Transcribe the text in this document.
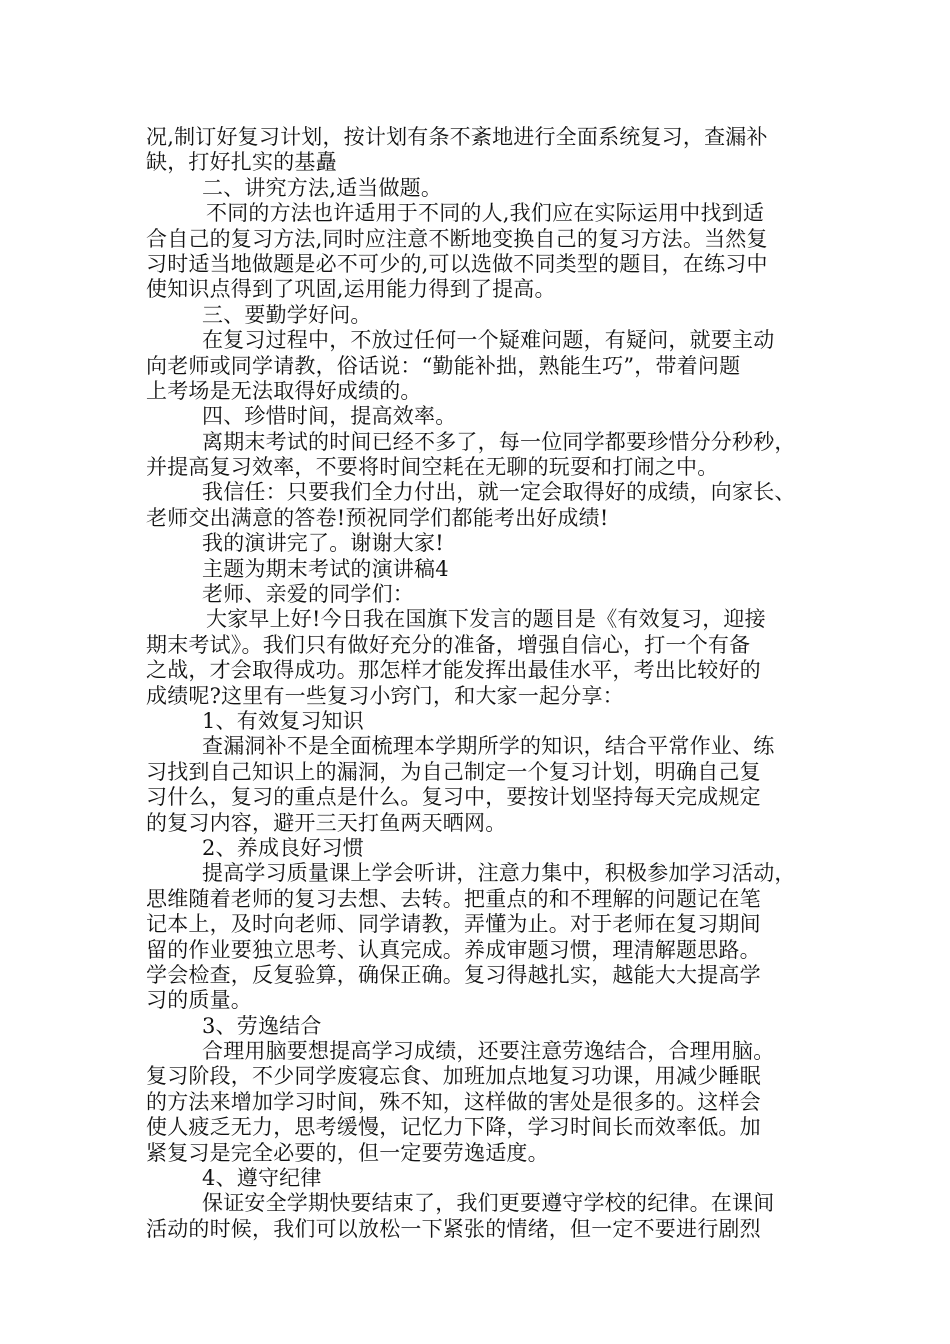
况,制订好复习计划，按计划有条不紊地进行全面系统复习，查漏补
缺，打好扎实的基矗
二、讲究方法,适当做题。
不同的方法也许适用于不同的人,我们应在实际运用中找到适
合自己的复习方法,同时应注意不断地变换自己的复习方法。当然复
习时适当地做题是必不可少的,可以选做不同类型的题目，在练习中
使知识点得到了巩固,运用能力得到了提高。
三、要勤学好问。
在复习过程中，不放过任何一个疑难问题，有疑问，就要主动
向老师或同学请教，俗话说：“勤能补拙，熟能生巧”，带着问题
上考场是无法取得好成绩的。
四、珍惜时间，提高效率。
离期末考试的时间已经不多了，每一位同学都要珍惜分分秒秒，
并提高复习效率，不要将时间空耗在无聊的玩耍和打闹之中。
我信任：只要我们全力付出，就一定会取得好的成绩，向家长、
老师交出满意的答卷!预祝同学们都能考出好成绩!
我的演讲完了。谢谢大家!
主题为期末考试的演讲稿4
老师、亲爱的同学们：
大家早上好!今日我在国旗下发言的题目是《有效复习，迎接
期末考试》。我们只有做好充分的准备，增强自信心，打一个有备
之战，才会取得成功。那怎样才能发挥出最佳水平，考出比较好的
成绩呢?这里有一些复习小窍门，和大家一起分享：
1、有效复习知识
查漏洞补不是全面梳理本学期所学的知识，结合平常作业、练
习找到自己知识上的漏洞，为自己制定一个复习计划，明确自己复
习什么，复习的重点是什么。复习中，要按计划坚持每天完成规定
的复习内容，避开三天打鱼两天晒网。
2、养成良好习惯
提高学习质量课上学会听讲，注意力集中，积极参加学习活动，
思维随着老师的复习去想、去转。把重点的和不理解的问题记在笔
记本上，及时向老师、同学请教，弄懂为止。对于老师在复习期间
留的作业要独立思考、认真完成。养成审题习惯，理清解题思路。
学会检查，反复验算，确保正确。复习得越扎实，越能大大提高学
习的质量。
3、劳逸结合
合理用脑要想提高学习成绩，还要注意劳逸结合，合理用脑。
复习阶段，不少同学废寝忘食、加班加点地复习功课，用减少睡眠
的方法来增加学习时间，殊不知，这样做的害处是很多的。这样会
使人疲乏无力，思考缓慢，记忆力下降，学习时间长而效率低。加
紧复习是完全必要的，但一定要劳逸适度。
4、遵守纪律
保证安全学期快要结束了，我们更要遵守学校的纪律。在课间
活动的时候，我们可以放松一下紧张的情绪，但一定不要进行剧烈
